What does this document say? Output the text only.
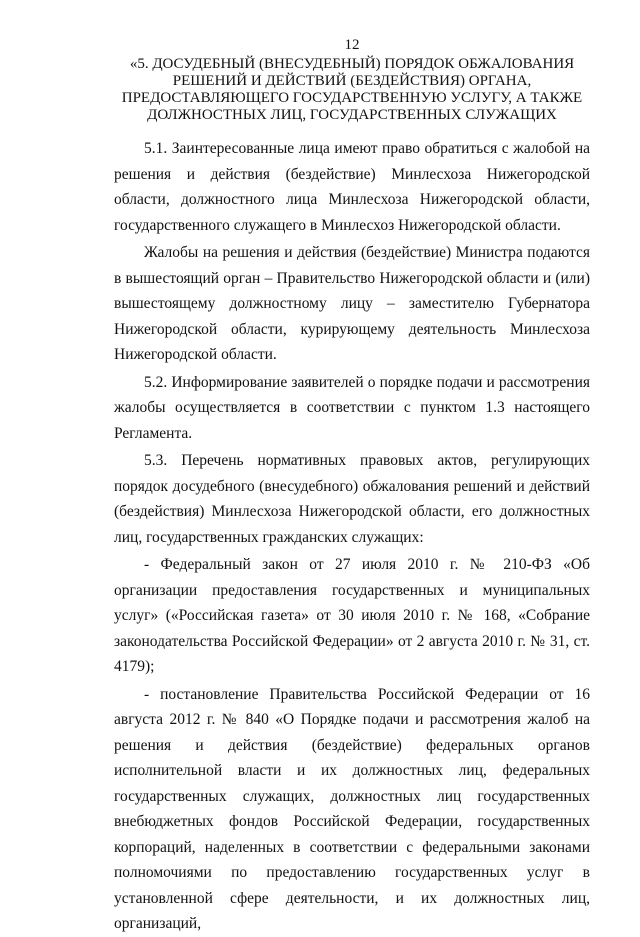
12
«5. ДОСУДЕБНЫЙ (ВНЕСУДЕБНЫЙ) ПОРЯДОК ОБЖАЛОВАНИЯ
РЕШЕНИЙ И ДЕЙСТВИЙ (БЕЗДЕЙСТВИЯ) ОРГАНА,
ПРЕДОСТАВЛЯЮЩЕГО ГОСУДАРСТВЕННУЮ УСЛУГУ, А ТАКЖЕ
ДОЛЖНОСТНЫХ ЛИЦ, ГОСУДАРСТВЕННЫХ СЛУЖАЩИХ

5.1. Заинтересованные лица имеют право обратиться с жалобой на решения и действия (бездействие) Минлесхоза Нижегородской области, должностного лица Минлесхоза Нижегородской области, государственного служащего в Минлесхоз Нижегородской области.

Жалобы на решения и действия (бездействие) Министра подаются в вышестоящий орган – Правительство Нижегородской области и (или) вышестоящему должностному лицу – заместителю Губернатора Нижегородской области, курирующему деятельность Минлесхоза Нижегородской области.

5.2. Информирование заявителей о порядке подачи и рассмотрения жалобы осуществляется в соответствии с пунктом 1.3 настоящего Регламента.

5.3. Перечень нормативных правовых актов, регулирующих порядок досудебного (внесудебного) обжалования решений и действий (бездействия) Минлесхоза Нижегородской области, его должностных лиц, государственных гражданских служащих:

- Федеральный закон от 27 июля 2010 г. № 210-ФЗ «Об организации предоставления государственных и муниципальных услуг» («Российская газета» от 30 июля 2010 г. № 168, «Собрание законодательства Российской Федерации» от 2 августа 2010 г. № 31, ст. 4179);

- постановление Правительства Российской Федерации от 16 августа 2012 г. № 840 «О Порядке подачи и рассмотрения жалоб на решения и действия (бездействие) федеральных органов исполнительной власти и их должностных лиц, федеральных государственных служащих, должностных лиц государственных внебюджетных фондов Российской Федерации, государственных корпораций, наделенных в соответствии с федеральными законами полномочиями по предоставлению государственных услуг в установленной сфере деятельности, и их должностных лиц, организаций,
